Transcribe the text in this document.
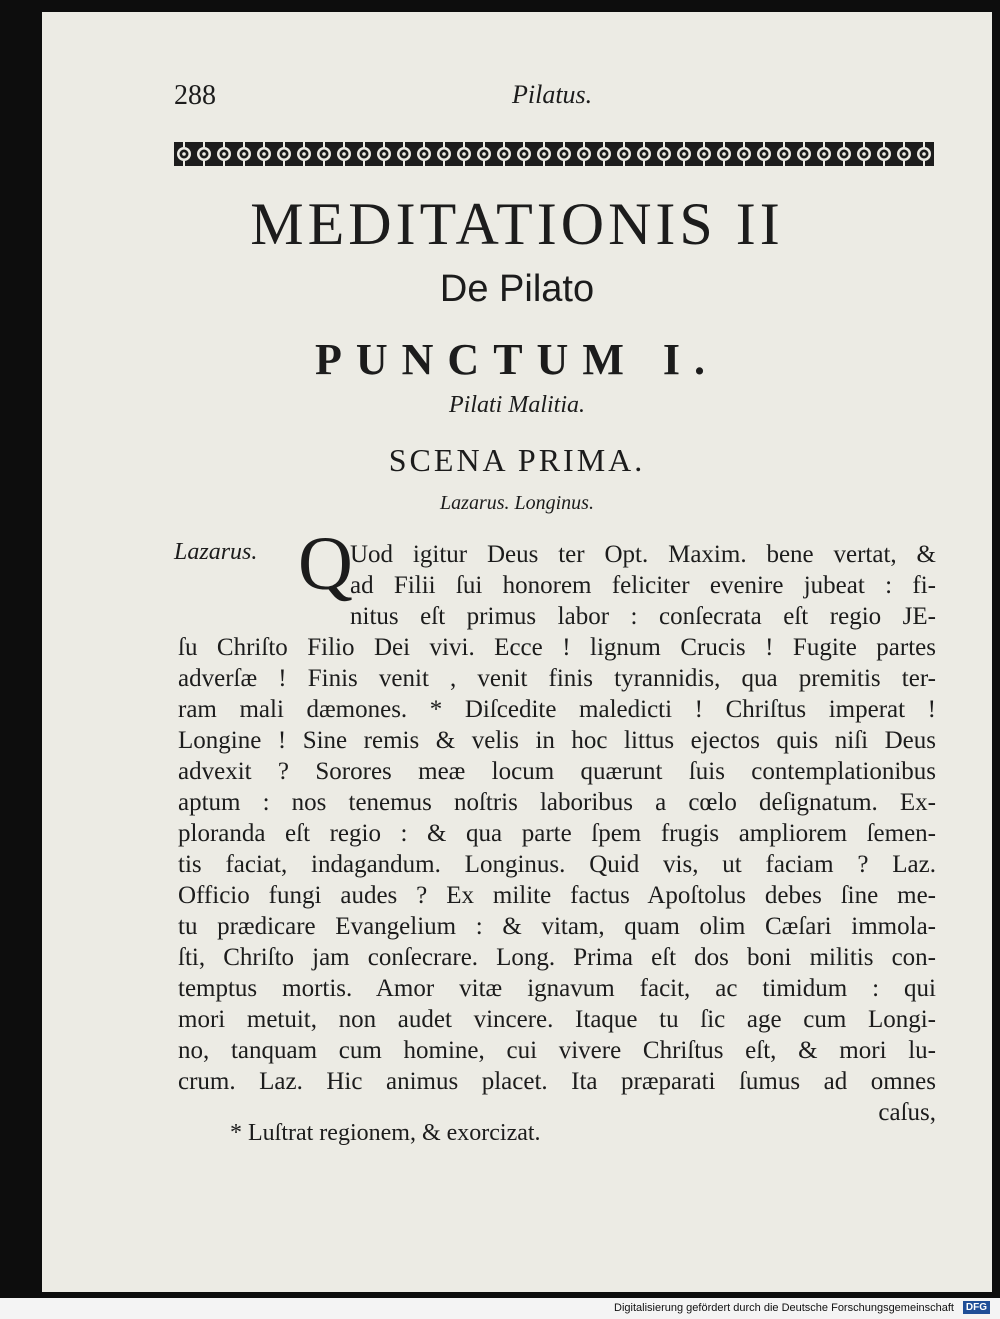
288	Pilatus.
MEDITATIONIS II
De Pilato
PUNCTUM I.
Pilati Malitia.
SCENA PRIMA.
Lazarus. Longinus.
Lazarus. Q
Uod igitur Deus ter Opt. Maxim. bene vertat, &
ad Filii ſui honorem feliciter evenire jubeat : fi-
nitus eſt primus labor : conſecrata eſt regio JE-
ſu Chriſto Filio Dei vivi. Ecce ! lignum Crucis ! Fugite partes
adverſæ ! Finis venit , venit finis tyrannidis, qua premitis ter-
ram mali dæmones. * Diſcedite maledicti ! Chriſtus imperat !
Longine ! Sine remis & velis in hoc littus ejectos quis niſi Deus
advexit ? Sorores meæ locum quærunt ſuis contemplationibus
aptum : nos tenemus noſtris laboribus a cœlo deſignatum. Ex-
ploranda eſt regio : & qua parte ſpem frugis ampliorem ſemen-
tis faciat, indagandum. Longinus. Quid vis, ut faciam ? Laz.
Officio fungi audes ? Ex milite factus Apoſtolus debes ſine me-
tu prædicare Evangelium : & vitam, quam olim Cæſari immola-
ſti, Chriſto jam conſecrare. Long. Prima eſt dos boni militis con-
temptus mortis. Amor vitæ ignavum facit, ac timidum : qui
mori metuit, non audet vincere. Itaque tu ſic age cum Longi-
no, tanquam cum homine, cui vivere Chriſtus eſt, & mori lu-
crum. Laz. Hic animus placet. Ita præparati ſumus ad omnes
caſus,
* Luſtrat regionem, & exorcizat.
Digitalisierung gefördert durch die Deutsche Forschungsgemeinschaft	DFG
